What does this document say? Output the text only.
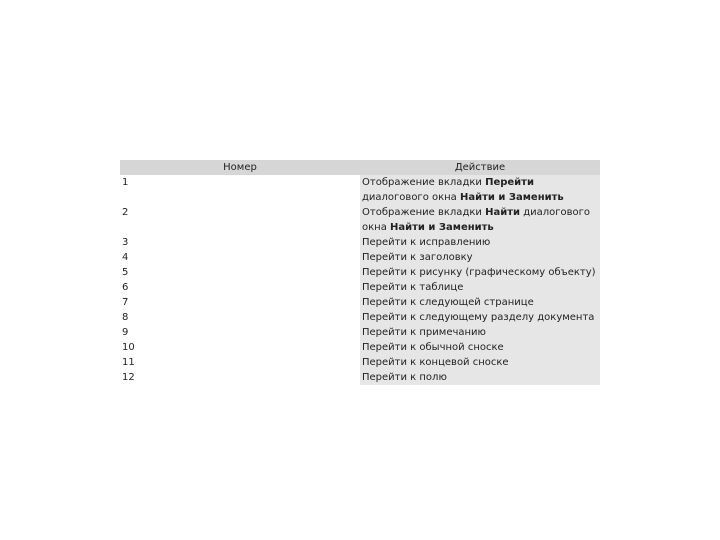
Номер	Действие
1	Отображение вкладки Перейти диалогового окна Найти и Заменить
2	Отображение вкладки Найти диалогового окна Найти и Заменить
3	Перейти к исправлению
4	Перейти к заголовку
5	Перейти к рисунку (графическому объекту)
6	Перейти к таблице
7	Перейти к следующей странице
8	Перейти к следующему разделу документа
9	Перейти к примечанию
10	Перейти к обычной сноске
11	Перейти к концевой сноске
12	Перейти к полю
